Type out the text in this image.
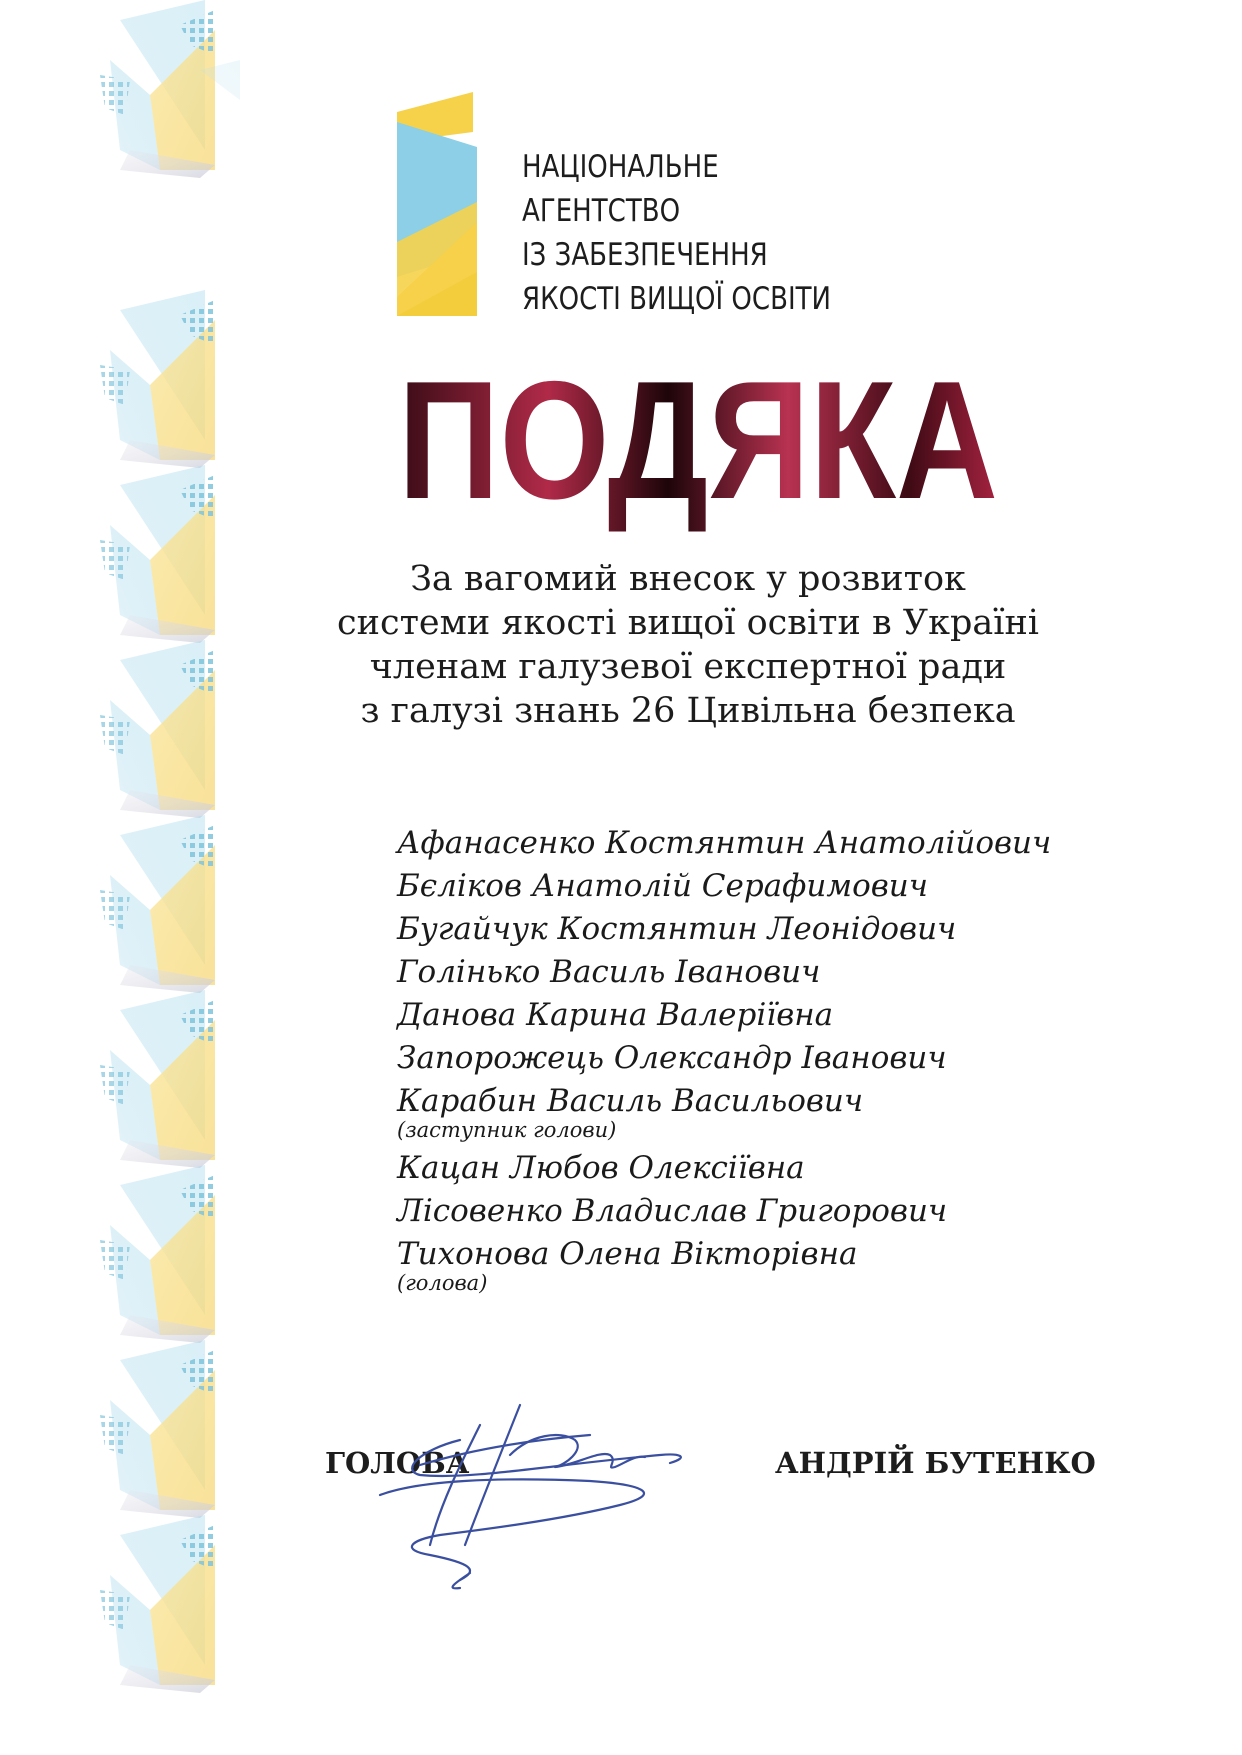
НАЦІОНАЛЬНЕ
АГЕНТСТВО
ІЗ ЗАБЕЗПЕЧЕННЯ
ЯКОСТІ ВИЩОЇ ОСВІТИ

ПОДЯКА

За вагомий внесок у розвиток
системи якості вищої освіти в Україні
членам галузевої експертної ради
з галузі знань 26 Цивільна безпека

Афанасенко Костянтин Анатолійович
Бєліков Анатолій Серафимович
Бугайчук Костянтин Леонідович
Голінько Василь Іванович
Данова Карина Валеріївна
Запорожець Олександр Іванович
Карабин Василь Васильович
(заступник голови)
Кацан Любов Олексіївна
Лісовенко Владислав Григорович
Тихонова Олена Вікторівна
(голова)
ГОЛОВА	АНДРІЙ БУТЕНКО
